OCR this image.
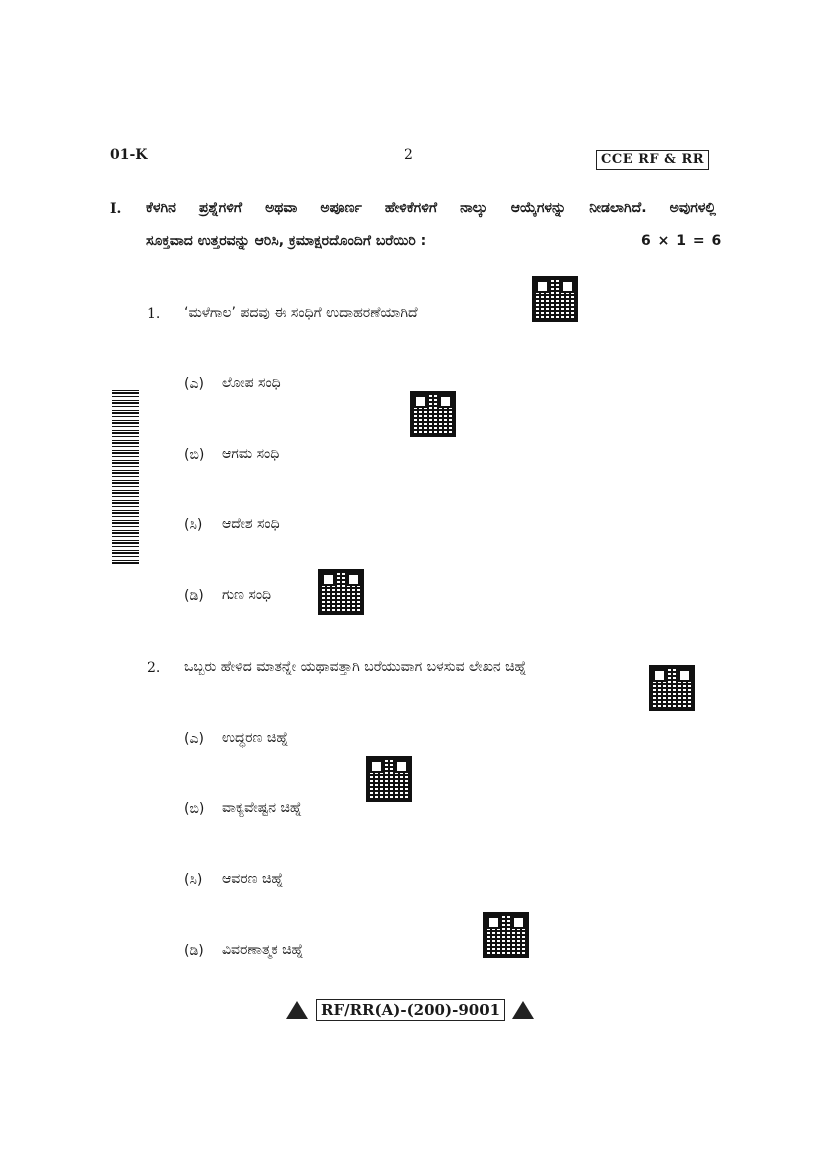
01-K	2	CCE RF & RR
I. ಕೆಳಗಿನ ಪ್ರಶ್ನೆಗಳಿಗೆ ಅಥವಾ ಅಪೂರ್ಣ ಹೇಳಿಕೆಗಳಿಗೆ ನಾಲ್ಕು ಆಯ್ಕೆಗಳನ್ನು ನೀಡಲಾಗಿದೆ. ಅವುಗಳಲ್ಲಿ
ಸೂಕ್ತವಾದ ಉತ್ತರವನ್ನು ಆರಿಸಿ, ಕ್ರಮಾಕ್ಷರದೊಂದಿಗೆ ಬರೆಯಿರಿ :	6 × 1 = 6
1. ‘ಮಳೆಗಾಲ’ ಪದವು ಈ ಸಂಧಿಗೆ ಉದಾಹರಣೆಯಾಗಿದೆ
(ಎ) ಲೋಪ ಸಂಧಿ
(ಬಿ) ಆಗಮ ಸಂಧಿ
(ಸಿ) ಆದೇಶ ಸಂಧಿ
(ಡಿ) ಗುಣ ಸಂಧಿ
2. ಒಬ್ಬರು ಹೇಳಿದ ಮಾತನ್ನೇ ಯಥಾವತ್ತಾಗಿ ಬರೆಯುವಾಗ ಬಳಸುವ ಲೇಖನ ಚಿಹ್ನೆ
(ಎ) ಉದ್ಧರಣ ಚಿಹ್ನೆ
(ಬಿ) ವಾಕ್ಯವೇಷ್ಟನ ಚಿಹ್ನೆ
(ಸಿ) ಆವರಣ ಚಿಹ್ನೆ
(ಡಿ) ವಿವರಣಾತ್ಮಕ ಚಿಹ್ನೆ
RF/RR(A)-(200)-9001
